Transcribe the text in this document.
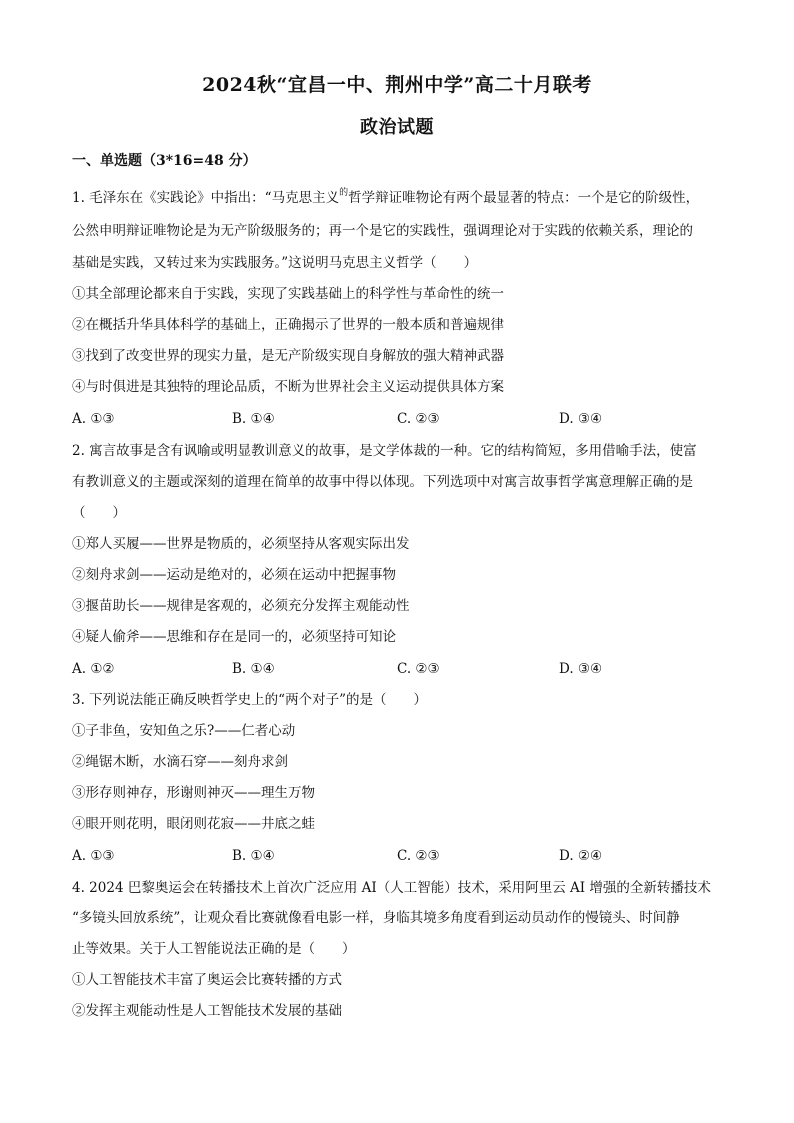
2024秋“宜昌一中、荆州中学”高二十月联考
政治试题
一、单选题（3*16=48 分）
1. 毛泽东在《实践论》中指出：“马克思主义$^的$哲学辩证唯物论有两个最显著的特点：一个是它的阶级性，
公然申明辩证唯物论是为无产阶级服务的；再一个是它的实践性，强调理论对于实践的依赖关系，理论的
基础是实践，又转过来为实践服务。”这说明马克思主义哲学（　　）
①其全部理论都来自于实践，实现了实践基础上的科学性与革命性的统一
②在概括升华具体科学的基础上，正确揭示了世界的一般本质和普遍规律
③找到了改变世界的现实力量，是无产阶级实现自身解放的强大精神武器
④与时俱进是其独特的理论品质，不断为世界社会主义运动提供具体方案
A. ①③	B. ①④	C. ②③	D. ③④
2. 寓言故事是含有讽喻或明显教训意义的故事，是文学体裁的一种。它的结构简短，多用借喻手法，使富
有教训意义的主题或深刻的道理在简单的故事中得以体现。下列选项中对寓言故事哲学寓意理解正确的是
（　　）
①郑人买履——世界是物质的，必须坚持从客观实际出发
②刻舟求剑——运动是绝对的，必须在运动中把握事物
③揠苗助长——规律是客观的，必须充分发挥主观能动性
④疑人偷斧——思维和存在是同一的，必须坚持可知论
A. ①②	B. ①④	C. ②③	D. ③④
3. 下列说法能正确反映哲学史上的“两个对子”的是（　　）
①子非鱼，安知鱼之乐?——仁者心动
②绳锯木断，水滴石穿——刻舟求剑
③形存则神存，形谢则神灭——理生万物
④眼开则花明，眼闭则花寂——井底之蛙
A. ①③	B. ①④	C. ②③	D. ②④
4. 2024 巴黎奥运会在转播技术上首次广泛应用 AI（人工智能）技术，采用阿里云 AI 增强的全新转播技术
“多镜头回放系统”，让观众看比赛就像看电影一样，身临其境多角度看到运动员动作的慢镜头、时间静
止等效果。关于人工智能说法正确的是（　　）
①人工智能技术丰富了奥运会比赛转播的方式
②发挥主观能动性是人工智能技术发展的基础
